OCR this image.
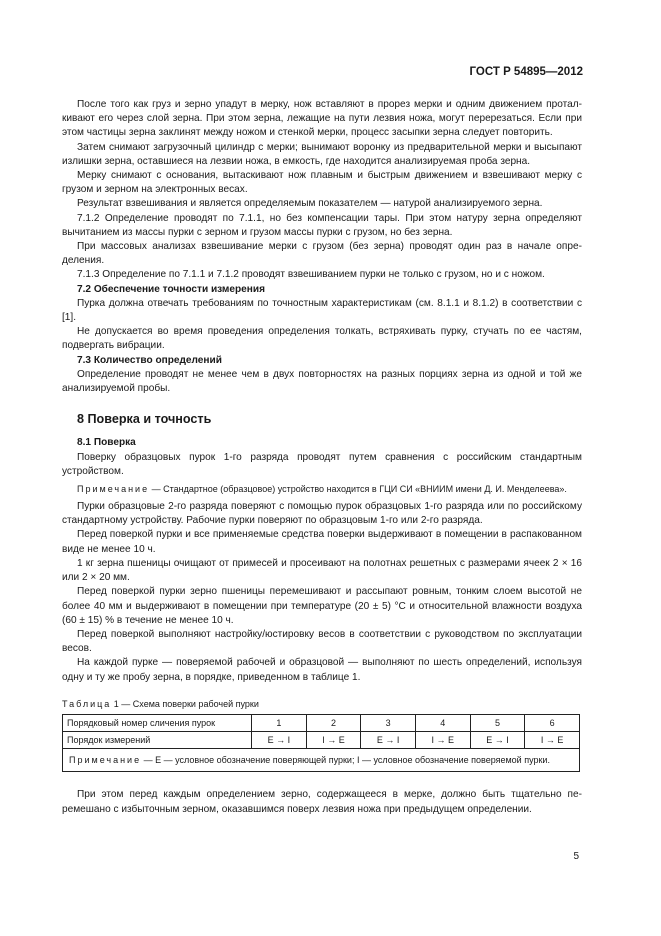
ГОСТ Р 54895—2012

После того как груз и зерно упадут в мерку, нож вставляют в прорез мерки и одним движением проталкивают его через слой зерна. При этом зерна, лежащие на пути лезвия ножа, могут перерезаться. Если при этом частицы зерна заклинят между ножом и стенкой мерки, процесс засыпки зерна следует повторить.

Затем снимают загрузочный цилиндр с мерки; вынимают воронку из предварительной мерки и высыпают излишки зерна, оставшиеся на лезвии ножа, в емкость, где находится анализируемая проба зерна.

Мерку снимают с основания, вытаскивают нож плавным и быстрым движением и взвешивают мерку с грузом и зерном на электронных весах.

Результат взвешивания и является определяемым показателем — натурой анализируемого зерна.

7.1.2 Определение проводят по 7.1.1, но без компенсации тары. При этом натуру зерна определяют вычитанием из массы пурки с зерном и грузом массы пурки с грузом, но без зерна.

При массовых анализах взвешивание мерки с грузом (без зерна) проводят один раз в начале определения.

7.1.3 Определение по 7.1.1 и 7.1.2 проводят взвешиванием пурки не только с грузом, но и с ножом.

7.2 Обеспечение точности измерения

Пурка должна отвечать требованиям по точностным характеристикам (см. 8.1.1 и 8.1.2) в соответствии с [1].

Не допускается во время проведения определения толкать, встряхивать пурку, стучать по ее частям, подвергать вибрации.

7.3 Количество определений

Определение проводят не менее чем в двух повторностях на разных порциях зерна из одной и той же анализируемой пробы.

8 Поверка и точность
8.1 Поверка

Поверку образцовых пурок 1-го разряда проводят путем сравнения с российским стандартным устройством.

Примечание — Стандартное (образцовое) устройство находится в ГЦИ СИ «ВНИИМ имени Д. И. Менделеева».

Пурки образцовые 2-го разряда поверяют с помощью пурок образцовых 1-го разряда или по российскому стандартному устройству. Рабочие пурки поверяют по образцовым 1-го или 2-го разряда.

Перед поверкой пурки и все применяемые средства поверки выдерживают в помещении в распакованном виде не менее 10 ч.

1 кг зерна пшеницы очищают от примесей и просеивают на полотнах решетных с размерами ячеек 2 × 16 или 2 × 20 мм.

Перед поверкой пурки зерно пшеницы перемешивают и рассыпают ровным, тонким слоем высотой не более 40 мм и выдерживают в помещении при температуре (20 ± 5) °С и относительной влажности воздуха (60 ± 15) % в течение не менее 10 ч.

Перед поверкой выполняют настройку/юстировку весов в соответствии с руководством по эксплуатации весов.

На каждой пурке — поверяемой рабочей и образцовой — выполняют по шесть определений, используя одну и ту же пробу зерна, в порядке, приведенном в таблице 1.

Таблица 1 — Схема поверки рабочей пурки
Порядковый номер сличения пурок	1	2	3	4	5	6
Порядок измерений	Е → I	I → Е	Е → I	I → Е	Е → I	I → Е
Примечание — Е — условное обозначение поверяющей пурки; I — условное обозначение поверяемой пурки.						

При этом перед каждым определением зерно, содержащееся в мерке, должно быть тщательно перемешано с избыточным зерном, оказавшимся поверх лезвия ножа при предыдущем определении.

5
